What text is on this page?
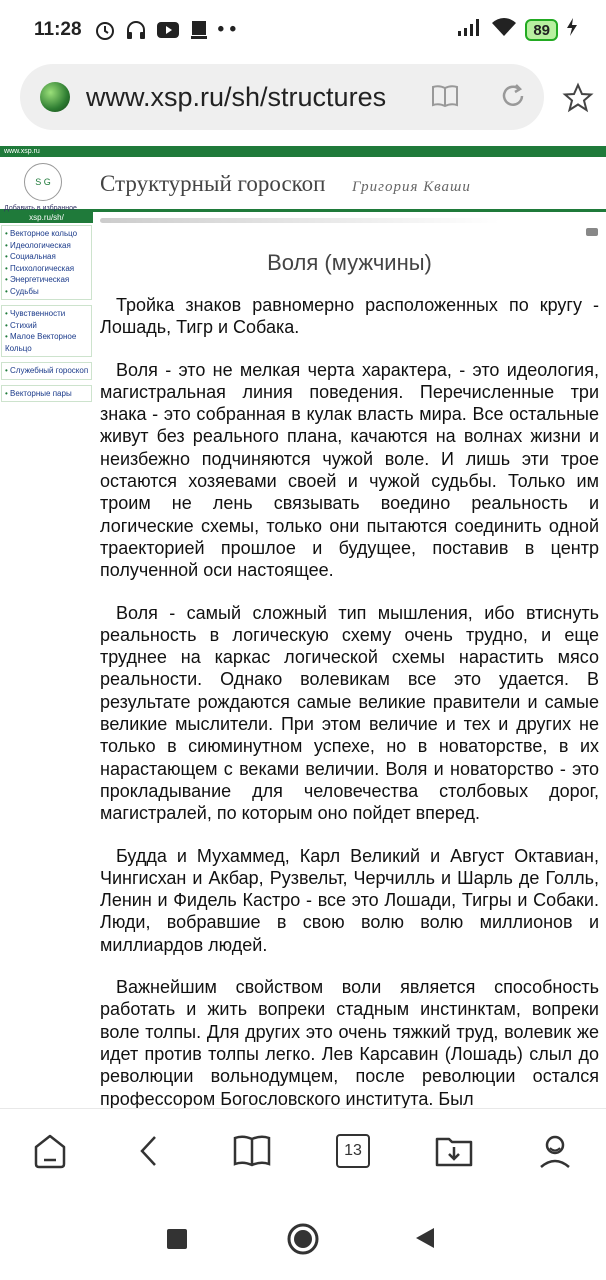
11:28	• •	89
www.xsp.ru/sh/structures
www.xsp.ru
S G
Добавить в избранное
Структурный гороскоп Григория Кваши
xsp.ru/sh/
• Векторное кольцо
• Идеологическая
• Социальная
• Психологическая
• Энергетическая
• Судьбы
• Чувственности
• Стихий
• Малое Векторное Кольцо
• Служебный гороскоп
• Векторные пары
Воля (мужчины)

Тройка знаков равномерно расположенных по кругу - Лошадь, Тигр и Собака.

Воля - это не мелкая черта характера, - это идеология, магистральная линия поведения. Перечисленные три знака - это собранная в кулак власть мира. Все остальные живут без реального плана, качаются на волнах жизни и неизбежно подчиняются чужой воле. И лишь эти трое остаются хозяевами своей и чужой судьбы. Только им троим не лень связывать воедино реальность и логические схемы, только они пытаются соединить одной траекторией прошлое и будущее, поставив в центр полученной оси настоящее.

Воля - самый сложный тип мышления, ибо втиснуть реальность в логическую схему очень трудно, и еще труднее на каркас логической схемы нарастить мясо реальности. Однако волевикам все это удается. В результате рождаются самые великие правители и самые великие мыслители. При этом величие и тех и других не только в сиюминутном успехе, но в новаторстве, в их нарастающем с веками величии. Воля и новаторство - это прокладывание для человечества столбовых дорог, магистралей, по которым оно пойдет вперед.

Будда и Мухаммед, Карл Великий и Август Октавиан, Чингисхан и Акбар, Рузвельт, Черчилль и Шарль де Голль, Ленин и Фидель Кастро - все это Лошади, Тигры и Собаки. Люди, вобравшие в свою волю волю миллионов и миллиардов людей.

Важнейшим свойством воли является способность работать и жить вопреки стадным инстинктам, вопреки воле толпы. Для других это очень тяжкий труд, волевик же идет против толпы легко. Лев Карсавин (Лошадь) слыл до революции вольнодумцем, после революции остался профессором Богословского института. Был

13
